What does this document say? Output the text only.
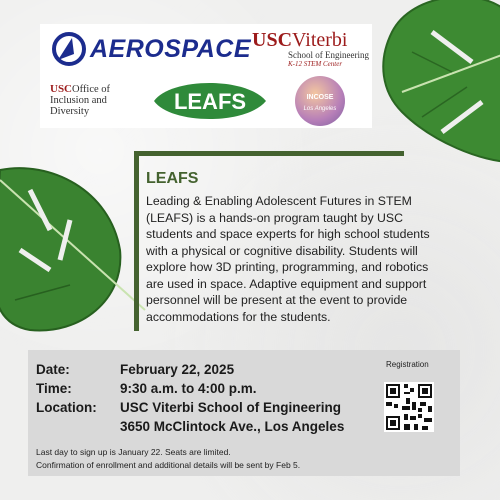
AEROSPACE USCViterbi
School of Engineering
K-12 STEM Center
USCOffice of
Inclusion and
Diversity	LEAFS	INCOSE
Los Angeles
LEAFS
Leading & Enabling Adolescent Futures in STEM (LEAFS) is a hands-on program taught by USC students and space experts for high school students with a physical or cognitive disability. Students will explore how 3D printing, programming, and robotics are used in space. Adaptive equipment and support personnel will be present at the event to provide accommodations for the students.
Date:	February 22, 2025
Time:	9:30 a.m. to 4:00 p.m.
Location: USC Viterbi School of Engineering
3650 McClintock Ave., Los Angeles
Last day to sign up is January 22. Seats are limited.
Confirmation of enrollment and additional details will be sent by Feb 5.
Registration
